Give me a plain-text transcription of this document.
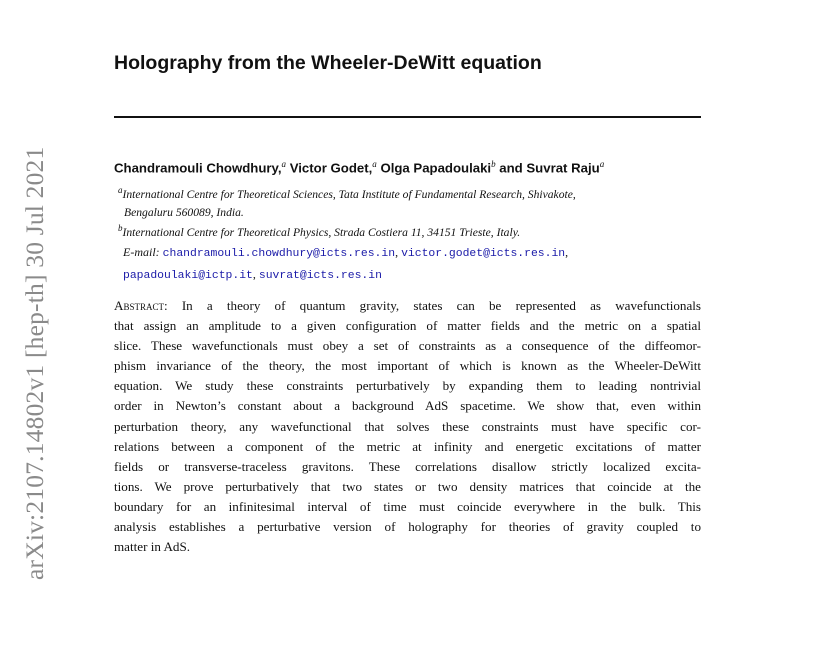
arXiv:2107.14802v1 [hep-th] 30 Jul 2021
Holography from the Wheeler-DeWitt equation
Chandramouli Chowdhury,$^a$ Victor Godet,$^a$ Olga Papadoulaki$^b$ and Suvrat Raju$^a$
$^a$International Centre for Theoretical Sciences, Tata Institute of Fundamental Research, Shivakote,
Bengaluru 560089, India.
$^b$International Centre for Theoretical Physics, Strada Costiera 11, 34151 Trieste, Italy.
E-mail: chandramouli.chowdhury@icts.res.in, victor.godet@icts.res.in,
papadoulaki@ictp.it, suvrat@icts.res.in
Abstract: In a theory of quantum gravity, states can be represented as wavefunctionals
that assign an amplitude to a given configuration of matter fields and the metric on a spatial
slice. These wavefunctionals must obey a set of constraints as a consequence of the diffeomor-
phism invariance of the theory, the most important of which is known as the Wheeler-DeWitt
equation. We study these constraints perturbatively by expanding them to leading nontrivial
order in Newton’s constant about a background AdS spacetime. We show that, even within
perturbation theory, any wavefunctional that solves these constraints must have specific cor-
relations between a component of the metric at infinity and energetic excitations of matter
fields or transverse-traceless gravitons. These correlations disallow strictly localized excita-
tions. We prove perturbatively that two states or two density matrices that coincide at the
boundary for an infinitesimal interval of time must coincide everywhere in the bulk. This
analysis establishes a perturbative version of holography for theories of gravity coupled to
matter in AdS.
